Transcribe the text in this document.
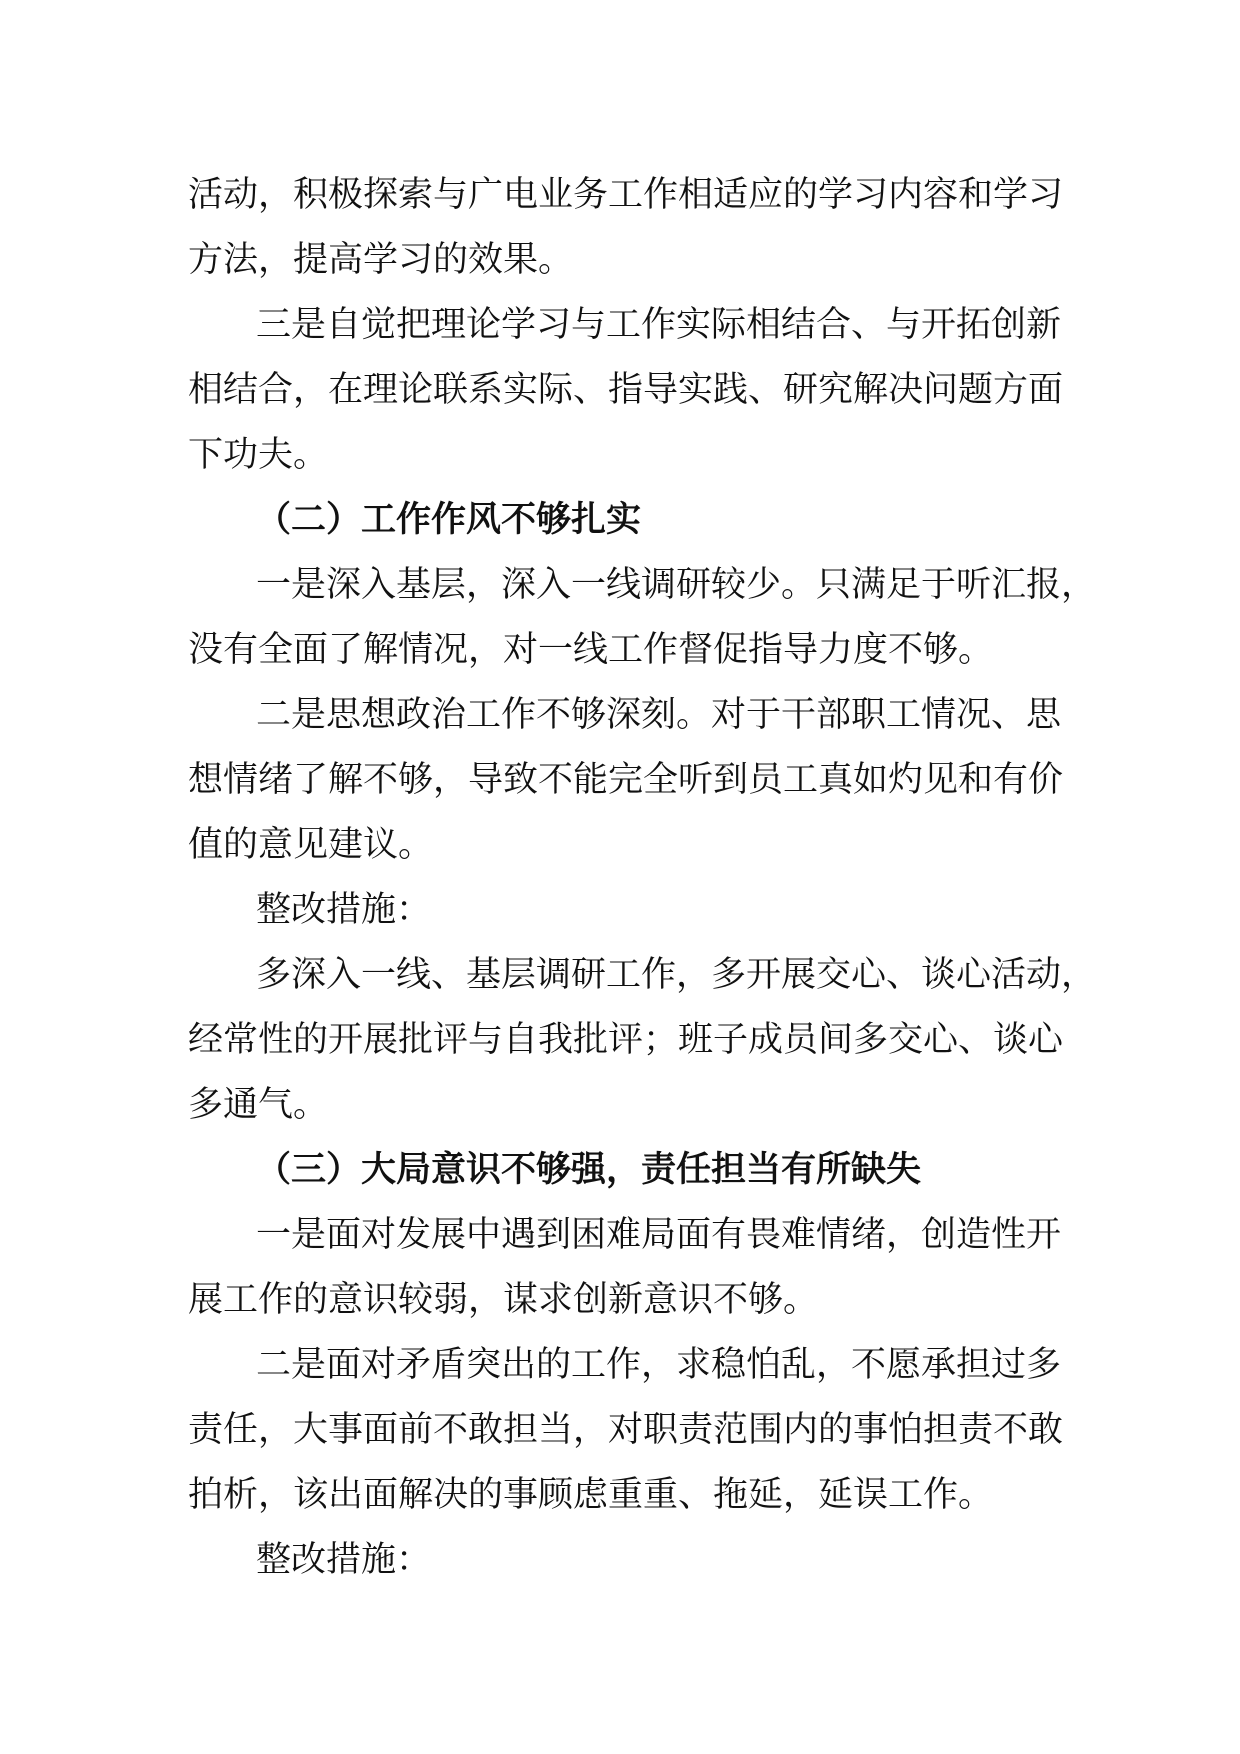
活动，积极探索与广电业务工作相适应的学习内容和学习
方法，提高学习的效果。
三是自觉把理论学习与工作实际相结合、与开拓创新
相结合，在理论联系实际、指导实践、研究解决问题方面
下功夫。
（二）工作作风不够扎实
一是深入基层，深入一线调研较少。只满足于听汇报，
没有全面了解情况，对一线工作督促指导力度不够。
二是思想政治工作不够深刻。对于干部职工情况、思
想情绪了解不够，导致不能完全听到员工真如灼见和有价
值的意见建议。
整改措施：
多深入一线、基层调研工作，多开展交心、谈心活动，
经常性的开展批评与自我批评；班子成员间多交心、谈心
多通气。
（三）大局意识不够强，责任担当有所缺失
一是面对发展中遇到困难局面有畏难情绪，创造性开
展工作的意识较弱，谋求创新意识不够。
二是面对矛盾突出的工作，求稳怕乱，不愿承担过多
责任，大事面前不敢担当，对职责范围内的事怕担责不敢
拍析，该出面解决的事顾虑重重、拖延，延误工作。
整改措施：
